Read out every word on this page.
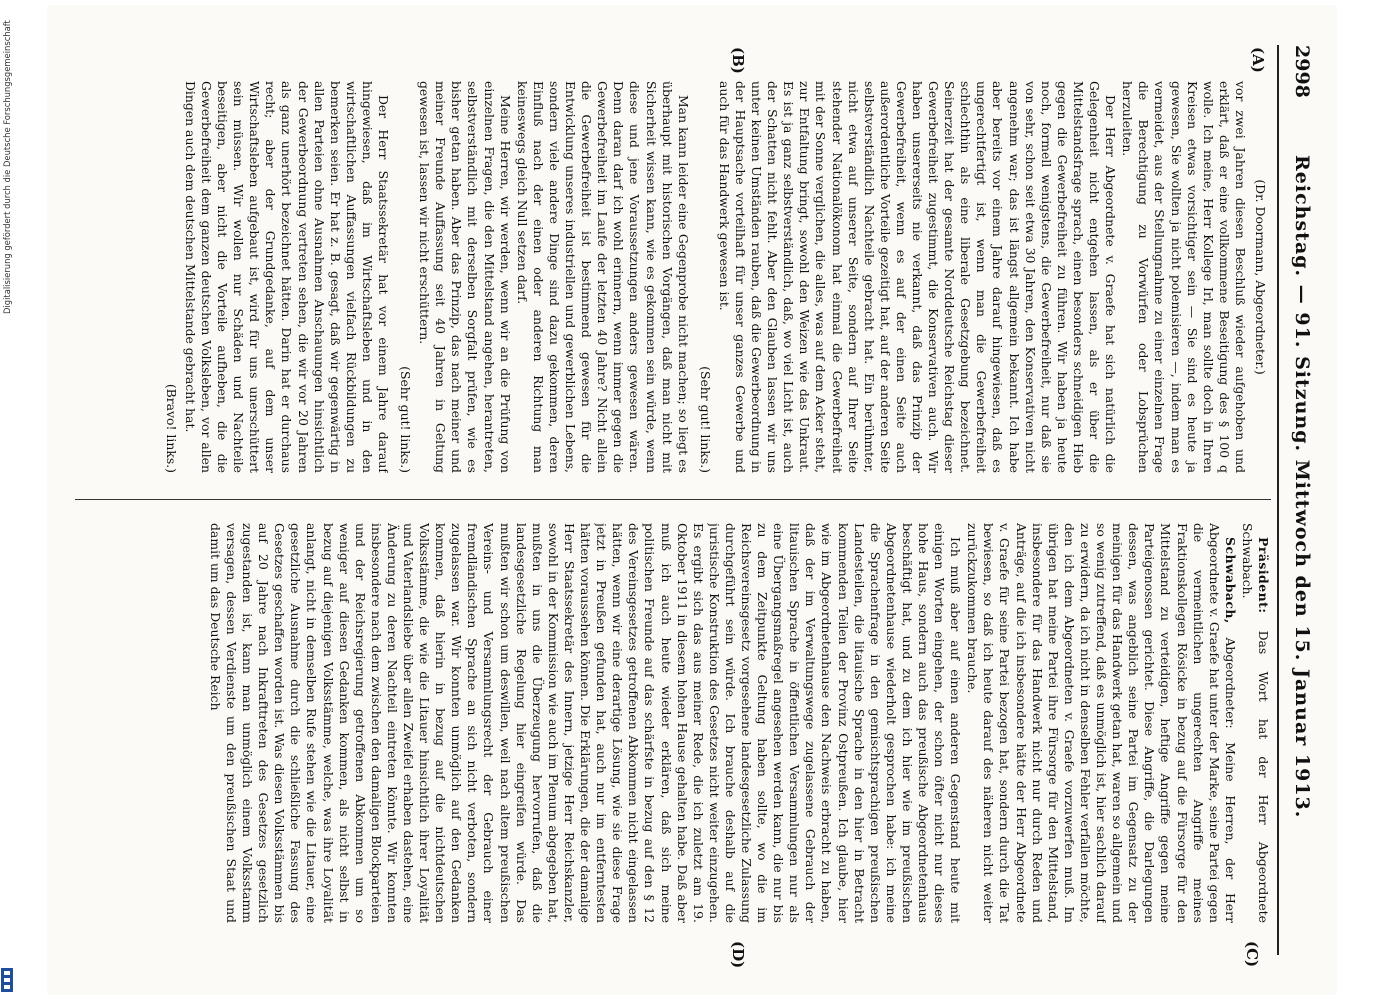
Digitalisierung gefördert durch die Deutsche Forschungsgemeinschaft	2998
Reichstag. — 91. Sitzung. Mittwoch den 15. Januar 1913.
(A)
(B)
(C)
(D)

(Dr. Doormann, Abgeordneter.)

vor zwei Jahren diesen Beschluß wieder aufgehoben und erklärt, daß er eine vollkommene Beseitigung des § 100 q wolle. Ich meine, Herr Kollege Irl, man sollte doch in Ihren Kreisen etwas vorsichtiger sein — Sie sind es heute ja gewesen, Sie wollten ja nicht polemisieren —, indem man es vermeidet, aus der Stellungnahme zu einer einzelnen Frage die Berechtigung zu Vorwürfen oder Lobsprüchen herzuleiten.

Der Herr Abgeordnete v. Graefe hat sich natürlich die Gelegenheit nicht entgehen lassen, als er über die Mittelstandsfrage sprach, einen besonders schneidigen Hieb gegen die Gewerbefreiheit zu führen. Wir haben ja heute noch, formell wenigstens, die Gewerbefreiheit, nur daß sie von sehr, schon seit etwa 30 Jahren, den Konservativen nicht angenehm war; das ist längst allgemein bekannt. Ich habe aber bereits vor einem Jahre darauf hingewiesen, daß es ungerechtfertigt ist, wenn man die Gewerbefreiheit schlechthin als eine liberale Gesetzgebung bezeichnet. Seinerzeit hat der gesamte Norddeutsche Reichstag dieser Gewerbefreiheit zugestimmt, die Konservativen auch. Wir haben unsererseits nie verkannt, daß das Prinzip der Gewerbefreiheit, wenn es auf der einen Seite auch außerordentliche Vorteile gezeitigt hat, auf der anderen Seite selbstverständlich Nachteile gebracht hat. Ein berühmter, nicht etwa auf unserer Seite, sondern auf Ihrer Seite stehender Nationalökonom hat einmal die Gewerbefreiheit mit der Sonne verglichen, die alles, was auf dem Acker steht, zur Entfaltung bringt, sowohl den Weizen wie das Unkraut. Es ist ja ganz selbstverständlich, daß, wo viel Licht ist, auch der Schatten nicht fehlt. Aber den Glauben lassen wir uns unter keinen Umständen rauben, daß die Gewerbeordnung in der Hauptsache vorteilhaft für unser ganzes Gewerbe und auch für das Handwerk gewesen ist.

(Sehr gut! links.)

Man kann leider eine Gegenprobe nicht machen; so liegt es überhaupt mit historischen Vorgängen, daß man nicht mit Sicherheit wissen kann, wie es gekommen sein würde, wenn diese und jene Voraussetzungen anders gewesen wären. Denn daran darf ich wohl erinnern, wenn immer gegen die Gewerbefreiheit im Laufe der letzten 40 Jahre? Nicht allein die Gewerbefreiheit ist bestimmend gewesen für die Entwicklung unseres industriellen und gewerblichen Lebens, sondern viele andere Dinge sind dazu gekommen, deren Einfluß nach der einen oder anderen Richtung man keineswegs gleich Null setzen darf.

Meine Herren, wir werden, wenn wir an die Prüfung von einzelnen Fragen, die den Mittelstand angehen, herantreten, selbstverständlich mit derselben Sorgfalt prüfen, wie es bisher getan haben. Aber das Prinzip, das nach meiner und meiner Freunde Auffassung seit 40 Jahren in Geltung gewesen ist, lassen wir nicht erschüttern.

(Sehr gut! links.)

Der Herr Staatssekretär hat vor einem Jahre darauf hingewiesen, daß im Wirtschaftsleben und in den wirtschaftlichen Auffassungen vielfach Rückbildungen zu bemerken seien. Er hat z. B. gesagt, daß wir gegenwärtig in allen Parteien ohne Ausnahmen Anschauungen hinsichtlich der Gewerbeordnung vertreten sehen, die wir vor 20 Jahren als ganz unerhört bezeichnet hätten. Darin hat er durchaus recht; aber der Grundgedanke, auf dem unser Wirtschaftsleben aufgebaut ist, wird für uns unerschüttert sein müssen. Wir wollen nur Schäden und Nachteile beseitigen, aber nicht die Vorteile aufheben, die die Gewerbefreiheit dem ganzen deutschen Volksleben, vor allen Dingen auch dem deutschen Mittelstande gebracht hat.

(Bravo! links.)

Präsident: Das Wort hat der Herr Abgeordnete Schwabach.

Schwabach, Abgeordneter: Meine Herren, der Herr Abgeordnete v. Graefe hat unter der Marke, seine Partei gegen die vermeintlichen ungerechten Angriffe meines Fraktionskollegen Rösicke in bezug auf die Fürsorge für den Mittelstand zu verteidigen, heftige Angriffe gegen meine Parteigenossen gerichtet. Diese Angriffe, die Darlegungen dessen, was angeblich seine Partei im Gegensatz zu der meinigen für das Handwerk getan hat, waren so allgemein und so wenig zutreffend, daß es unmöglich ist, hier sachlich darauf zu erwidern, da ich nicht in denselben Fehler verfallen möchte, den ich dem Abgeordneten v. Graefe vorzuwerfen muß. Im übrigen hat meine Partei ihre Fürsorge für den Mittelstand, insbesondere für das Handwerk nicht nur durch Reden und Anträge, auf die ich insbesondere hätte der Herr Abgeordnete v. Graefe für seine Partei bezogen hat, sondern durch die Tat bewiesen, so daß ich heute darauf des näheren nicht weiter zurückzukommen brauche.

Ich muß aber auf einen anderen Gegenstand heute mit einigen Worten eingehen, der schon öfter nicht nur dieses hohe Haus, sondern auch das preußische Abgeordnetenhaus beschäftigt hat, und zu dem ich hier wie im preußischen Abgeordnetenhause wiederholt gesprochen habe: ich meine die Sprachenfrage in den gemischtsprachigen preußischen Landesteilen, die litauische Sprache in den hier in Betracht kommenden Teilen der Provinz Ostpreußen. Ich glaube, hier wie im Abgeordnetenhause den Nachweis erbracht zu haben, daß der im Verwaltungswege zugelassene Gebrauch der litauischen Sprache in öffentlichen Versammlungen nur als eine Übergangsmaßregel angesehen werden kann, die nur bis zu dem Zeitpunkte Geltung haben sollte, wo die im Reichsvereinsgesetz vorgesehene landesgesetzliche Zulassung durchgeführt sein würde. Ich brauche deshalb auf die juristische Konstruktion des Gesetzes nicht weiter einzugehen. Es ergibt sich das aus meiner Rede, die ich zuletzt am 19. Oktober 1911 in diesem hohen Hause gehalten habe. Daß aber muß ich auch heute wieder erklären, daß sich meine politischen Freunde auf das schärfste in bezug auf den § 12 des Vereinsgesetzes getroffenen Abkommen nicht eingelassen hätten, wenn wir eine derartige Lösung, wie sie diese Frage jetzt in Preußen gefunden hat, auch nur im entferntesten hätten voraussehen können. Die Erklärungen, die der damalige Herr Staatssekretär des Innern, jetzige Herr Reichskanzler, sowohl in der Kommission wie auch im Plenum abgegeben hat, mußten in uns die Überzeugung hervorrufen, daß die landesgesetzliche Regelung hier eingreifen würde. Das mußten wir schon um deswillen, weil nach altem preußischen Vereins- und Versammlungsrecht der Gebrauch einer fremdländischen Sprache an sich nicht verboten, sondern zugelassen war. Wir konnten unmöglich auf den Gedanken kommen, daß hierin in bezug auf die nichtdeutschen Volksstämme, die wie die Litauer hinsichtlich ihrer Loyalität und Vaterlandsliebe über allen Zweifel erhaben dastehen, eine Änderung zu deren Nachteil eintreten könnte. Wir konnten insbesondere nach dem zwischen den damaligen Blockparteien und der Reichsregierung getroffenen Abkommen um so weniger auf diesen Gedanken kommen, als nicht selbst in bezug auf diejenigen Volksstämme, welche, was ihre Loyalität anlangt, nicht in demselben Rufe stehen wie die Litauer, eine gesetzliche Ausnahme durch die schließliche Fassung des Gesetzes geschaffen worden ist. Was diesen Volksstämmen bis auf 20 Jahre nach Inkrafttreten des Gesetzes gesetzlich zugestanden ist, kann man unmöglich einem Volksstamm versagen, dessen Verdienste um den preußischen Staat und damit um das Deutsche Reich
